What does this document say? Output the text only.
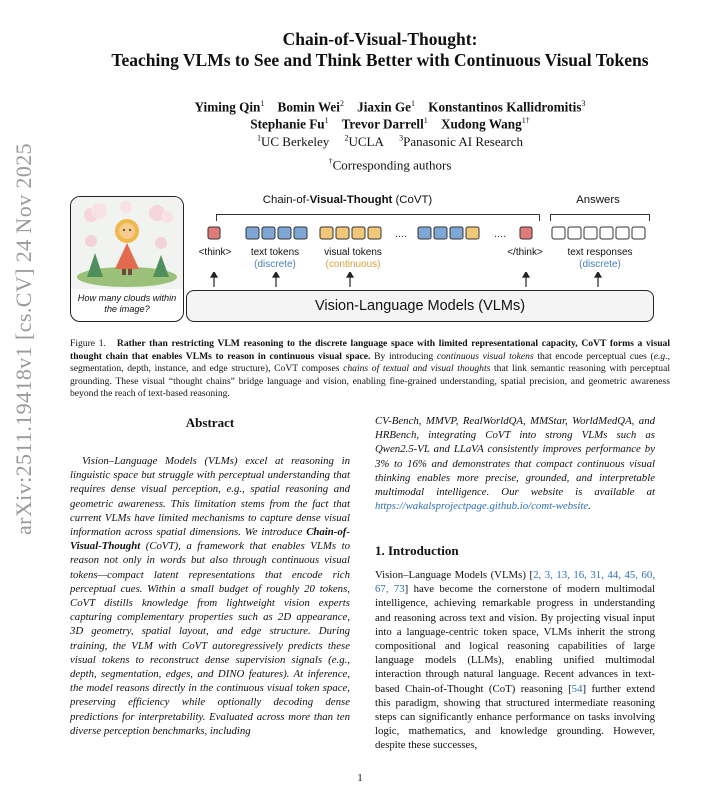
arXiv:2511.19418v1 [cs.CV] 24 Nov 2025
Chain-of-Visual-Thought:
Teaching VLMs to See and Think Better with Continuous Visual Tokens
Yiming Qin$^1$ Bomin Wei$^2$ Jiaxin Ge$^1$ Konstantinos Kallidromitis$^3$
Stephanie Fu$^1$ Trevor Darrell$^1$ Xudong Wang$^{1\dagger}$
$^1$UC Berkeley $^2$UCLA $^3$Panasonic AI Research
†Corresponding authors
How many clouds within the image?
Chain-of-Visual-Thought (CoVT)	Answers
....	....
<think>	text tokens
(discrete)
visual tokens
(continuous)
</think>	text responses
(discrete)
Vision-Language Models (VLMs)
Figure 1. Rather than restricting VLM reasoning to the discrete language space with limited representational capacity, CoVT forms a visual thought chain that enables VLMs to reason in continuous visual space. By introducing continuous visual tokens that encode perceptual cues (e.g., segmentation, depth, instance, and edge structure), CoVT composes chains of textual and visual thoughts that link semantic reasoning with perceptual grounding. These visual “thought chains” bridge language and vision, enabling fine-grained understanding, spatial precision, and geometric awareness beyond the reach of text-based reasoning.
Abstract
Vision–Language Models (VLMs) excel at reasoning in linguistic space but struggle with perceptual understanding that requires dense visual perception, e.g., spatial reasoning and geometric awareness. This limitation stems from the fact that current VLMs have limited mechanisms to capture dense visual information across spatial dimensions. We introduce Chain-of-Visual-Thought (CoVT), a framework that enables VLMs to reason not only in words but also through continuous visual tokens—compact latent representations that encode rich perceptual cues. Within a small budget of roughly 20 tokens, CoVT distills knowledge from lightweight vision experts capturing complementary properties such as 2D appearance, 3D geometry, spatial layout, and edge structure. During training, the VLM with CoVT autoregressively predicts these visual tokens to reconstruct dense supervision signals (e.g., depth, segmentation, edges, and DINO features). At inference, the model reasons directly in the continuous visual token space, preserving efficiency while optionally decoding dense predictions for interpretability. Evaluated across more than ten diverse perception benchmarks, including
CV-Bench, MMVP, RealWorldQA, MMStar, WorldMedQA, and HRBench, integrating CoVT into strong VLMs such as Qwen2.5-VL and LLaVA consistently improves performance by 3% to 16% and demonstrates that compact continuous visual thinking enables more precise, grounded, and interpretable multimodal intelligence. Our website is available at https://wakalsprojectpage.github.io/comt-website.
1. Introduction
Vision–Language Models (VLMs) [2, 3, 13, 16, 31, 44, 45, 60, 67, 73] have become the cornerstone of modern multimodal intelligence, achieving remarkable progress in understanding and reasoning across text and vision. By projecting visual input into a language-centric token space, VLMs inherit the strong compositional and logical reasoning capabilities of large language models (LLMs), enabling unified multimodal interaction through natural language. Recent advances in text-based Chain-of-Thought (CoT) reasoning [54] further extend this paradigm, showing that structured intermediate reasoning steps can significantly enhance performance on tasks involving logic, mathematics, and knowledge grounding. However, despite these successes,
1
